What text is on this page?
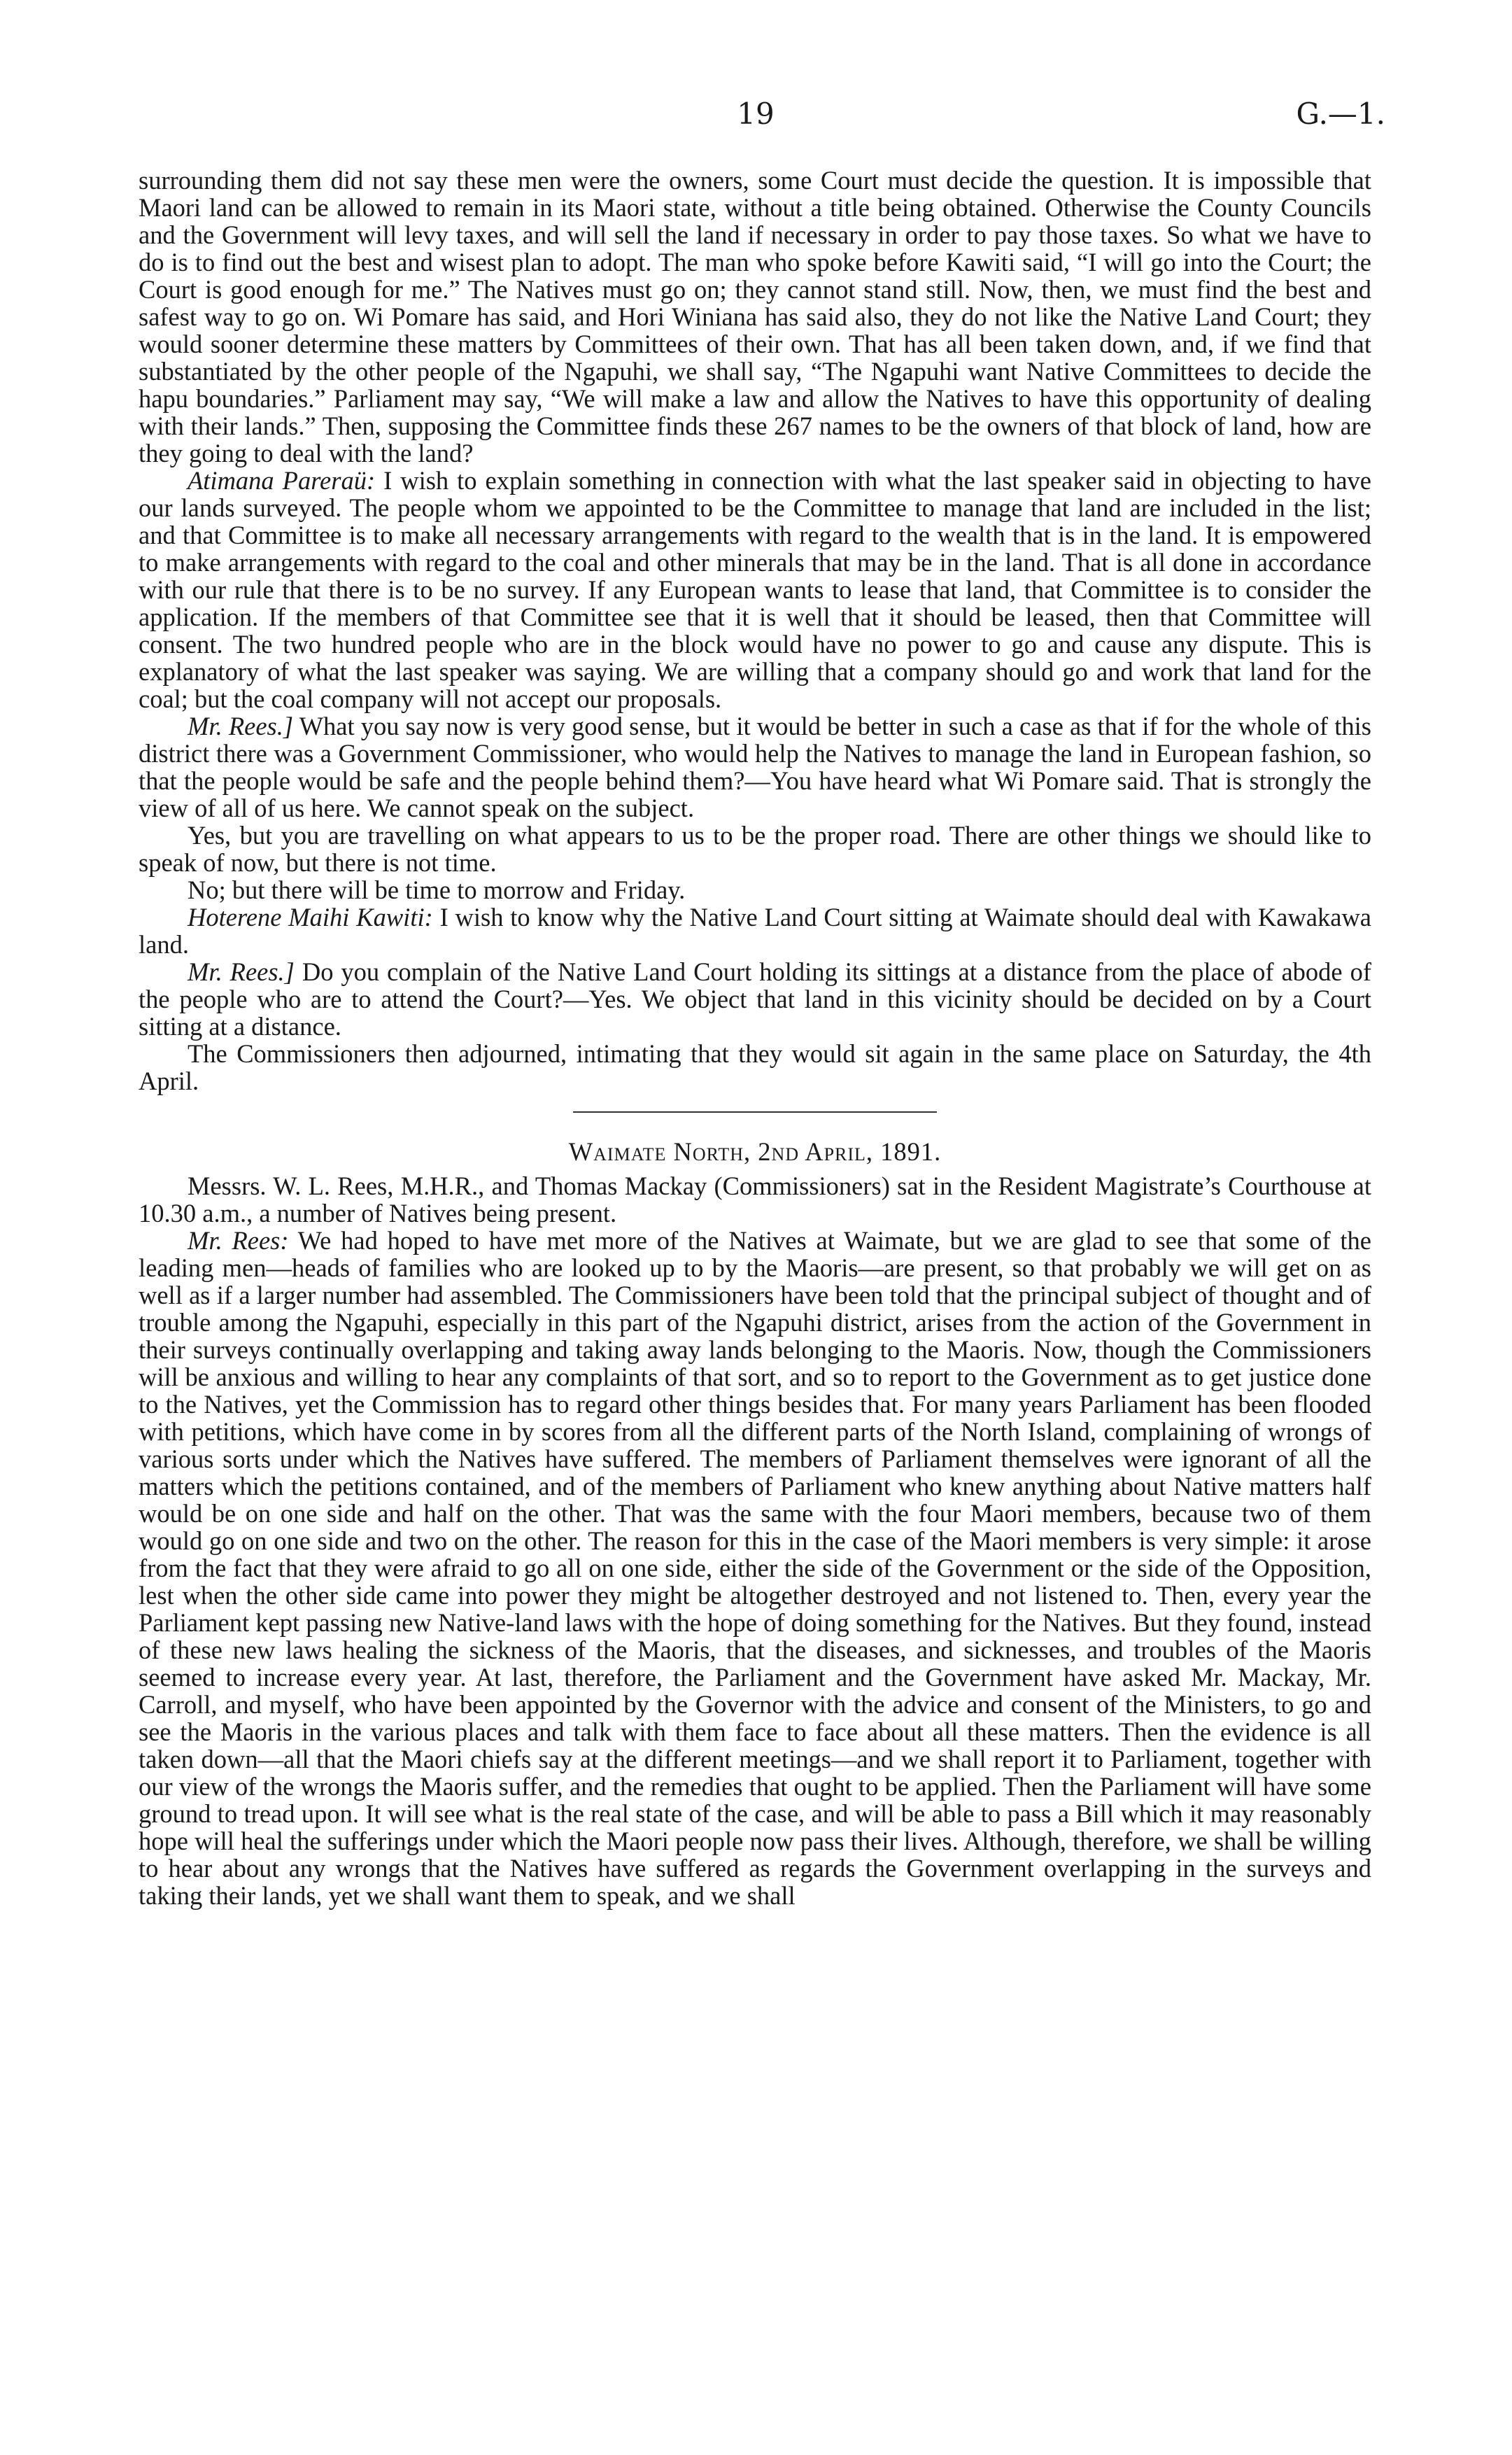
19	G.—1.

surrounding them did not say these men were the owners, some Court must decide the question. It is impossible that Maori land can be allowed to remain in its Maori state, without a title being obtained. Otherwise the County Councils and the Government will levy taxes, and will sell the land if necessary in order to pay those taxes. So what we have to do is to find out the best and wisest plan to adopt. The man who spoke before Kawiti said, “I will go into the Court; the Court is good enough for me.” The Natives must go on; they cannot stand still. Now, then, we must find the best and safest way to go on. Wi Pomare has said, and Hori Winiana has said also, they do not like the Native Land Court; they would sooner determine these matters by Committees of their own. That has all been taken down, and, if we find that substantiated by the other people of the Ngapuhi, we shall say, “The Ngapuhi want Native Committees to decide the hapu boundaries.” Parliament may say, “We will make a law and allow the Natives to have this opportunity of dealing with their lands.” Then, supposing the Committee finds these 267 names to be the owners of that block of land, how are they going to deal with the land?

Atimana Pareraü: I wish to explain something in connection with what the last speaker said in objecting to have our lands surveyed. The people whom we appointed to be the Committee to manage that land are included in the list; and that Committee is to make all necessary arrangements with regard to the wealth that is in the land. It is empowered to make arrangements with regard to the coal and other minerals that may be in the land. That is all done in accordance with our rule that there is to be no survey. If any European wants to lease that land, that Committee is to consider the application. If the members of that Committee see that it is well that it should be leased, then that Committee will consent. The two hundred people who are in the block would have no power to go and cause any dispute. This is explanatory of what the last speaker was saying. We are willing that a company should go and work that land for the coal; but the coal company will not accept our proposals.

Mr. Rees.] What you say now is very good sense, but it would be better in such a case as that if for the whole of this district there was a Government Commissioner, who would help the Natives to manage the land in European fashion, so that the people would be safe and the people behind them?—You have heard what Wi Pomare said. That is strongly the view of all of us here. We cannot speak on the subject.

Yes, but you are travelling on what appears to us to be the proper road. There are other things we should like to speak of now, but there is not time.

No; but there will be time to morrow and Friday.

Hoterene Maihi Kawiti: I wish to know why the Native Land Court sitting at Waimate should deal with Kawakawa land.

Mr. Rees.] Do you complain of the Native Land Court holding its sittings at a distance from the place of abode of the people who are to attend the Court?—Yes. We object that land in this vicinity should be decided on by a Court sitting at a distance.

The Commissioners then adjourned, intimating that they would sit again in the same place on Saturday, the 4th April.

Waimate North, 2nd April, 1891.

Messrs. W. L. Rees, M.H.R., and Thomas Mackay (Commissioners) sat in the Resident Magistrate’s Courthouse at 10.30 a.m., a number of Natives being present.

Mr. Rees: We had hoped to have met more of the Natives at Waimate, but we are glad to see that some of the leading men—heads of families who are looked up to by the Maoris—are present, so that probably we will get on as well as if a larger number had assembled. The Commissioners have been told that the principal subject of thought and of trouble among the Ngapuhi, especially in this part of the Ngapuhi district, arises from the action of the Government in their surveys continually overlapping and taking away lands belonging to the Maoris. Now, though the Commissioners will be anxious and willing to hear any complaints of that sort, and so to report to the Government as to get justice done to the Natives, yet the Commission has to regard other things besides that. For many years Parliament has been flooded with petitions, which have come in by scores from all the different parts of the North Island, complaining of wrongs of various sorts under which the Natives have suffered. The members of Parliament themselves were ignorant of all the matters which the petitions contained, and of the members of Parliament who knew anything about Native matters half would be on one side and half on the other. That was the same with the four Maori members, because two of them would go on one side and two on the other. The reason for this in the case of the Maori members is very simple: it arose from the fact that they were afraid to go all on one side, either the side of the Government or the side of the Opposition, lest when the other side came into power they might be altogether destroyed and not listened to. Then, every year the Parliament kept passing new Native-land laws with the hope of doing something for the Natives. But they found, instead of these new laws healing the sickness of the Maoris, that the diseases, and sicknesses, and troubles of the Maoris seemed to increase every year. At last, therefore, the Parliament and the Government have asked Mr. Mackay, Mr. Carroll, and myself, who have been appointed by the Governor with the advice and consent of the Ministers, to go and see the Maoris in the various places and talk with them face to face about all these matters. Then the evidence is all taken down—all that the Maori chiefs say at the different meetings—and we shall report it to Parliament, together with our view of the wrongs the Maoris suffer, and the remedies that ought to be applied. Then the Parliament will have some ground to tread upon. It will see what is the real state of the case, and will be able to pass a Bill which it may reasonably hope will heal the sufferings under which the Maori people now pass their lives. Although, therefore, we shall be willing to hear about any wrongs that the Natives have suffered as regards the Government overlapping in the surveys and taking their lands, yet we shall want them to speak, and we shall
